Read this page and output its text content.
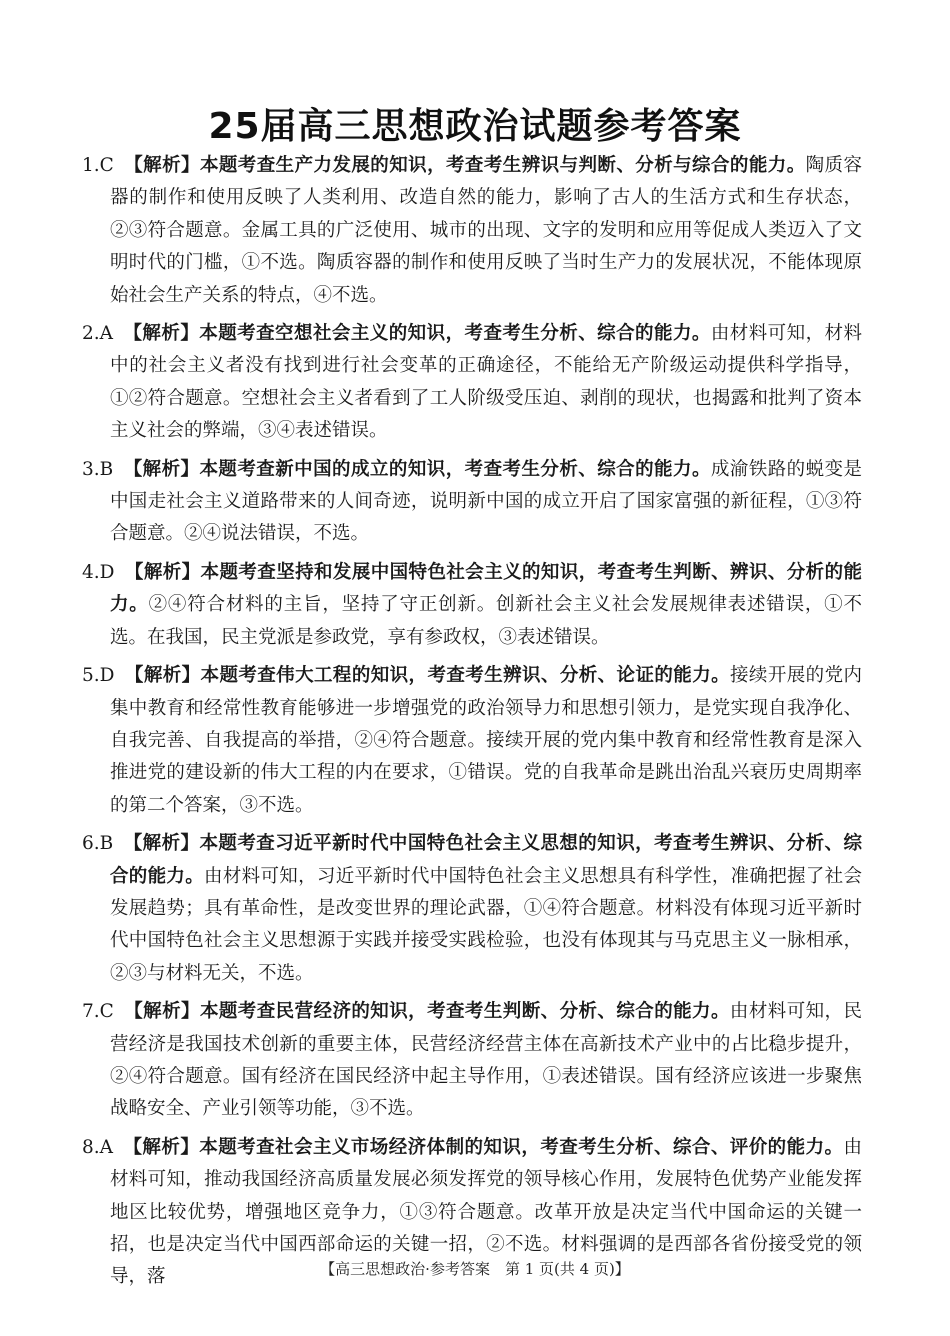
25届高三思想政治试题参考答案
1.C 【解析】本题考查生产力发展的知识，考查考生辨识与判断、分析与综合的能力。陶质容器的制作和使用反映了人类利用、改造自然的能力，影响了古人的生活方式和生存状态，②③符合题意。金属工具的广泛使用、城市的出现、文字的发明和应用等促成人类迈入了文明时代的门槛，①不选。陶质容器的制作和使用反映了当时生产力的发展状况，不能体现原始社会生产关系的特点，④不选。
2.A 【解析】本题考查空想社会主义的知识，考查考生分析、综合的能力。由材料可知，材料中的社会主义者没有找到进行社会变革的正确途径，不能给无产阶级运动提供科学指导，①②符合题意。空想社会主义者看到了工人阶级受压迫、剥削的现状，也揭露和批判了资本主义社会的弊端，③④表述错误。
3.B 【解析】本题考查新中国的成立的知识，考查考生分析、综合的能力。成渝铁路的蜕变是中国走社会主义道路带来的人间奇迹，说明新中国的成立开启了国家富强的新征程，①③符合题意。②④说法错误，不选。
4.D 【解析】本题考查坚持和发展中国特色社会主义的知识，考查考生判断、辨识、分析的能力。②④符合材料的主旨，坚持了守正创新。创新社会主义社会发展规律表述错误，①不选。在我国，民主党派是参政党，享有参政权，③表述错误。
5.D 【解析】本题考查伟大工程的知识，考查考生辨识、分析、论证的能力。接续开展的党内集中教育和经常性教育能够进一步增强党的政治领导力和思想引领力，是党实现自我净化、自我完善、自我提高的举措，②④符合题意。接续开展的党内集中教育和经常性教育是深入推进党的建设新的伟大工程的内在要求，①错误。党的自我革命是跳出治乱兴衰历史周期率的第二个答案，③不选。
6.B 【解析】本题考查习近平新时代中国特色社会主义思想的知识，考查考生辨识、分析、综合的能力。由材料可知，习近平新时代中国特色社会主义思想具有科学性，准确把握了社会发展趋势；具有革命性，是改变世界的理论武器，①④符合题意。材料没有体现习近平新时代中国特色社会主义思想源于实践并接受实践检验，也没有体现其与马克思主义一脉相承，②③与材料无关，不选。
7.C 【解析】本题考查民营经济的知识，考查考生判断、分析、综合的能力。由材料可知，民营经济是我国技术创新的重要主体，民营经济经营主体在高新技术产业中的占比稳步提升，②④符合题意。国有经济在国民经济中起主导作用，①表述错误。国有经济应该进一步聚焦战略安全、产业引领等功能，③不选。
8.A 【解析】本题考查社会主义市场经济体制的知识，考查考生分析、综合、评价的能力。由材料可知，推动我国经济高质量发展必须发挥党的领导核心作用，发展特色优势产业能发挥地区比较优势，增强地区竞争力，①③符合题意。改革开放是决定当代中国命运的关键一招，也是决定当代中国西部命运的关键一招，②不选。材料强调的是西部各省份接受党的领导，落	【高三思想政治·参考答案　第 1 页(共 4 页)】
